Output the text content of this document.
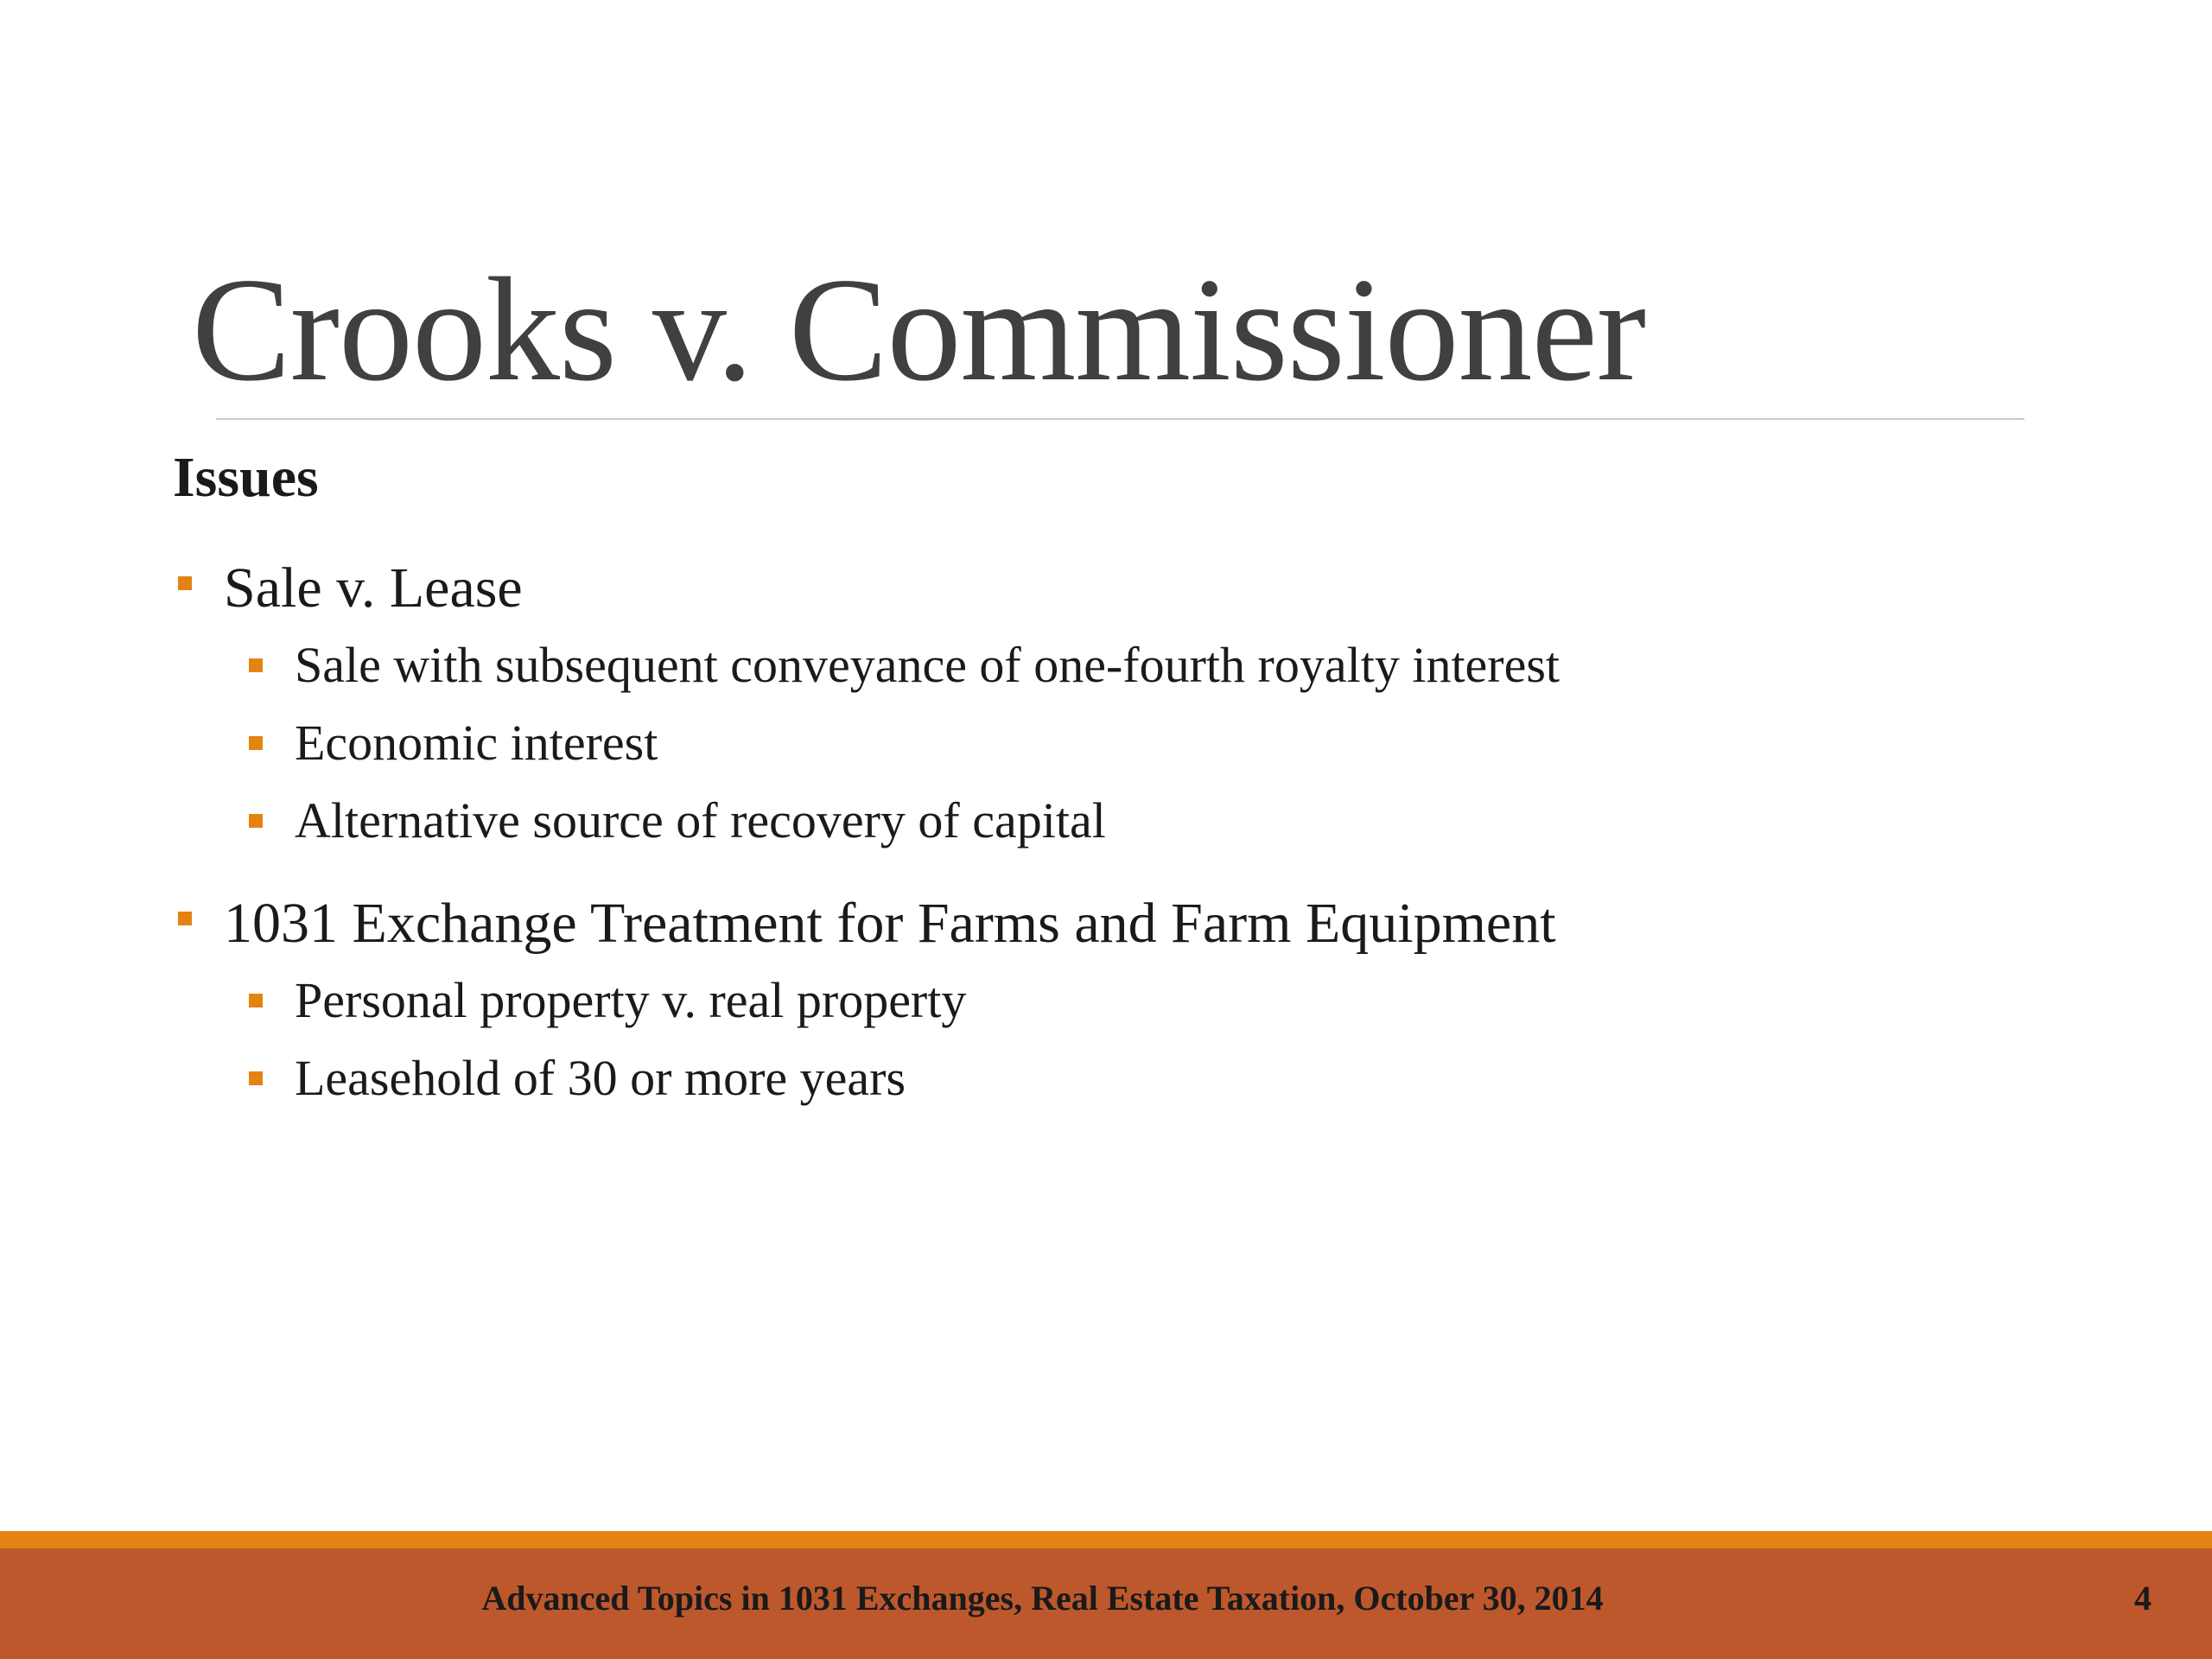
Crooks v. Commissioner
Issues
Sale v. Lease
Sale with subsequent conveyance of one-fourth royalty interest
Economic interest
Alternative source of recovery of capital
1031 Exchange Treatment for Farms and Farm Equipment
Personal property v. real property
Leasehold of 30 or more years
Advanced Topics in 1031 Exchanges, Real Estate Taxation, October 30, 2014	4
